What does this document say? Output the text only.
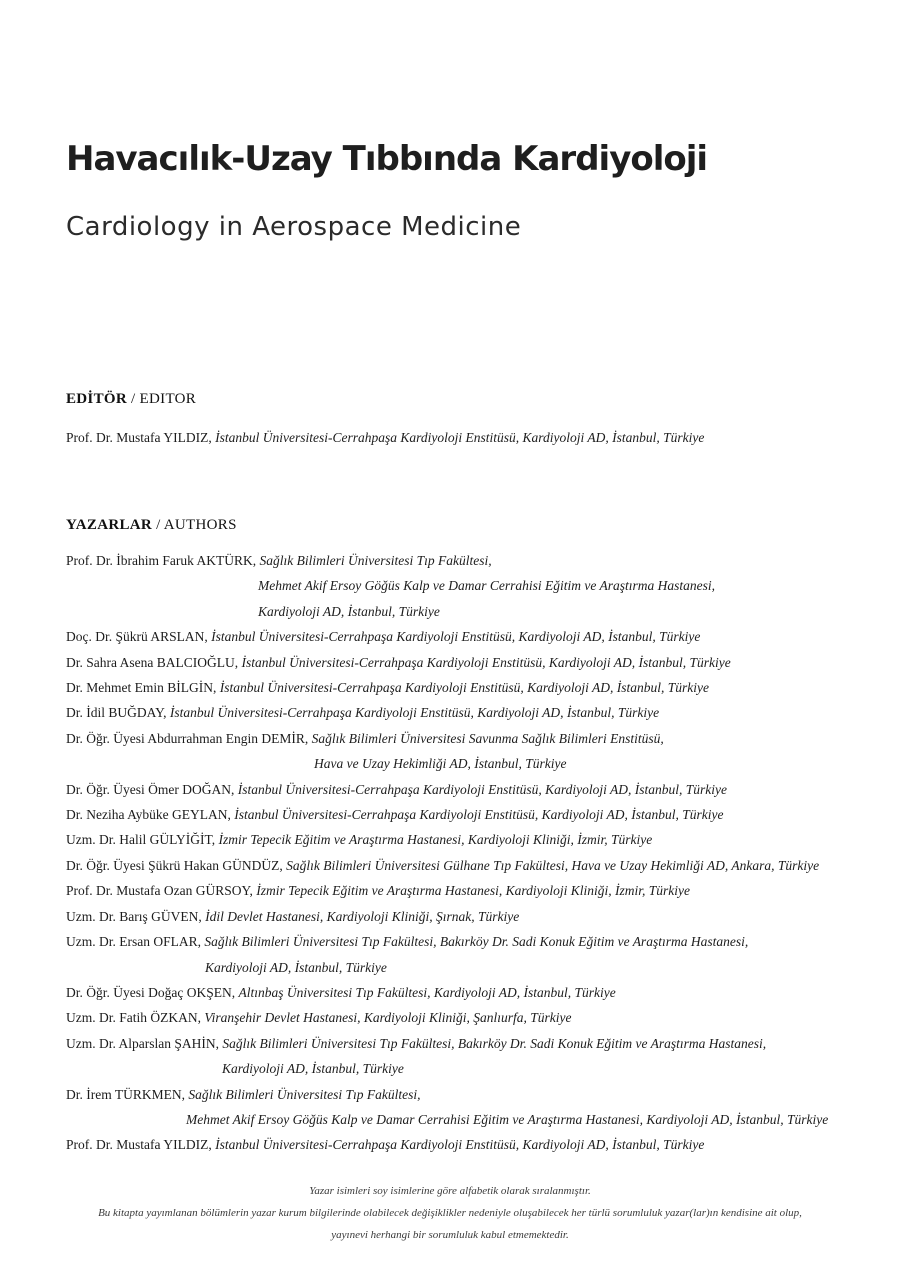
Havacılık-Uzay Tıbbında Kardiyoloji
Cardiology in Aerospace Medicine
EDİTÖR / EDITOR

Prof. Dr. Mustafa YILDIZ, İstanbul Üniversitesi-Cerrahpaşa Kardiyoloji Enstitüsü, Kardiyoloji AD, İstanbul, Türkiye

YAZARLAR / AUTHORS
Prof. Dr. İbrahim Faruk AKTÜRK, Sağlık Bilimleri Üniversitesi Tıp Fakültesi,
Mehmet Akif Ersoy Göğüs Kalp ve Damar Cerrahisi Eğitim ve Araştırma Hastanesi,
Kardiyoloji AD, İstanbul, Türkiye
Doç. Dr. Şükrü ARSLAN, İstanbul Üniversitesi-Cerrahpaşa Kardiyoloji Enstitüsü, Kardiyoloji AD, İstanbul, Türkiye
Dr. Sahra Asena BALCIOĞLU, İstanbul Üniversitesi-Cerrahpaşa Kardiyoloji Enstitüsü, Kardiyoloji AD, İstanbul, Türkiye
Dr. Mehmet Emin BİLGİN, İstanbul Üniversitesi-Cerrahpaşa Kardiyoloji Enstitüsü, Kardiyoloji AD, İstanbul, Türkiye
Dr. İdil BUĞDAY, İstanbul Üniversitesi-Cerrahpaşa Kardiyoloji Enstitüsü, Kardiyoloji AD, İstanbul, Türkiye
Dr. Öğr. Üyesi Abdurrahman Engin DEMİR, Sağlık Bilimleri Üniversitesi Savunma Sağlık Bilimleri Enstitüsü,
Hava ve Uzay Hekimliği AD, İstanbul, Türkiye
Dr. Öğr. Üyesi Ömer DOĞAN, İstanbul Üniversitesi-Cerrahpaşa Kardiyoloji Enstitüsü, Kardiyoloji AD, İstanbul, Türkiye
Dr. Neziha Aybüke GEYLAN, İstanbul Üniversitesi-Cerrahpaşa Kardiyoloji Enstitüsü, Kardiyoloji AD, İstanbul, Türkiye
Uzm. Dr. Halil GÜLYİĞİT, İzmir Tepecik Eğitim ve Araştırma Hastanesi, Kardiyoloji Kliniği, İzmir, Türkiye
Dr. Öğr. Üyesi Şükrü Hakan GÜNDÜZ, Sağlık Bilimleri Üniversitesi Gülhane Tıp Fakültesi, Hava ve Uzay Hekimliği AD, Ankara, Türkiye
Prof. Dr. Mustafa Ozan GÜRSOY, İzmir Tepecik Eğitim ve Araştırma Hastanesi, Kardiyoloji Kliniği, İzmir, Türkiye
Uzm. Dr. Barış GÜVEN, İdil Devlet Hastanesi, Kardiyoloji Kliniği, Şırnak, Türkiye
Uzm. Dr. Ersan OFLAR, Sağlık Bilimleri Üniversitesi Tıp Fakültesi, Bakırköy Dr. Sadi Konuk Eğitim ve Araştırma Hastanesi,
Kardiyoloji AD, İstanbul, Türkiye
Dr. Öğr. Üyesi Doğaç OKŞEN, Altınbaş Üniversitesi Tıp Fakültesi, Kardiyoloji AD, İstanbul, Türkiye
Uzm. Dr. Fatih ÖZKAN, Viranşehir Devlet Hastanesi, Kardiyoloji Kliniği, Şanlıurfa, Türkiye
Uzm. Dr. Alparslan ŞAHİN, Sağlık Bilimleri Üniversitesi Tıp Fakültesi, Bakırköy Dr. Sadi Konuk Eğitim ve Araştırma Hastanesi,
Kardiyoloji AD, İstanbul, Türkiye
Dr. İrem TÜRKMEN, Sağlık Bilimleri Üniversitesi Tıp Fakültesi,
Mehmet Akif Ersoy Göğüs Kalp ve Damar Cerrahisi Eğitim ve Araştırma Hastanesi, Kardiyoloji AD, İstanbul, Türkiye
Prof. Dr. Mustafa YILDIZ, İstanbul Üniversitesi-Cerrahpaşa Kardiyoloji Enstitüsü, Kardiyoloji AD, İstanbul, Türkiye
Yazar isimleri soy isimlerine göre alfabetik olarak sıralanmıştır.
Bu kitapta yayımlanan bölümlerin yazar kurum bilgilerinde olabilecek değişiklikler nedeniyle oluşabilecek her türlü sorumluluk yazar(lar)ın kendisine ait olup,
yayınevi herhangi bir sorumluluk kabul etmemektedir.
